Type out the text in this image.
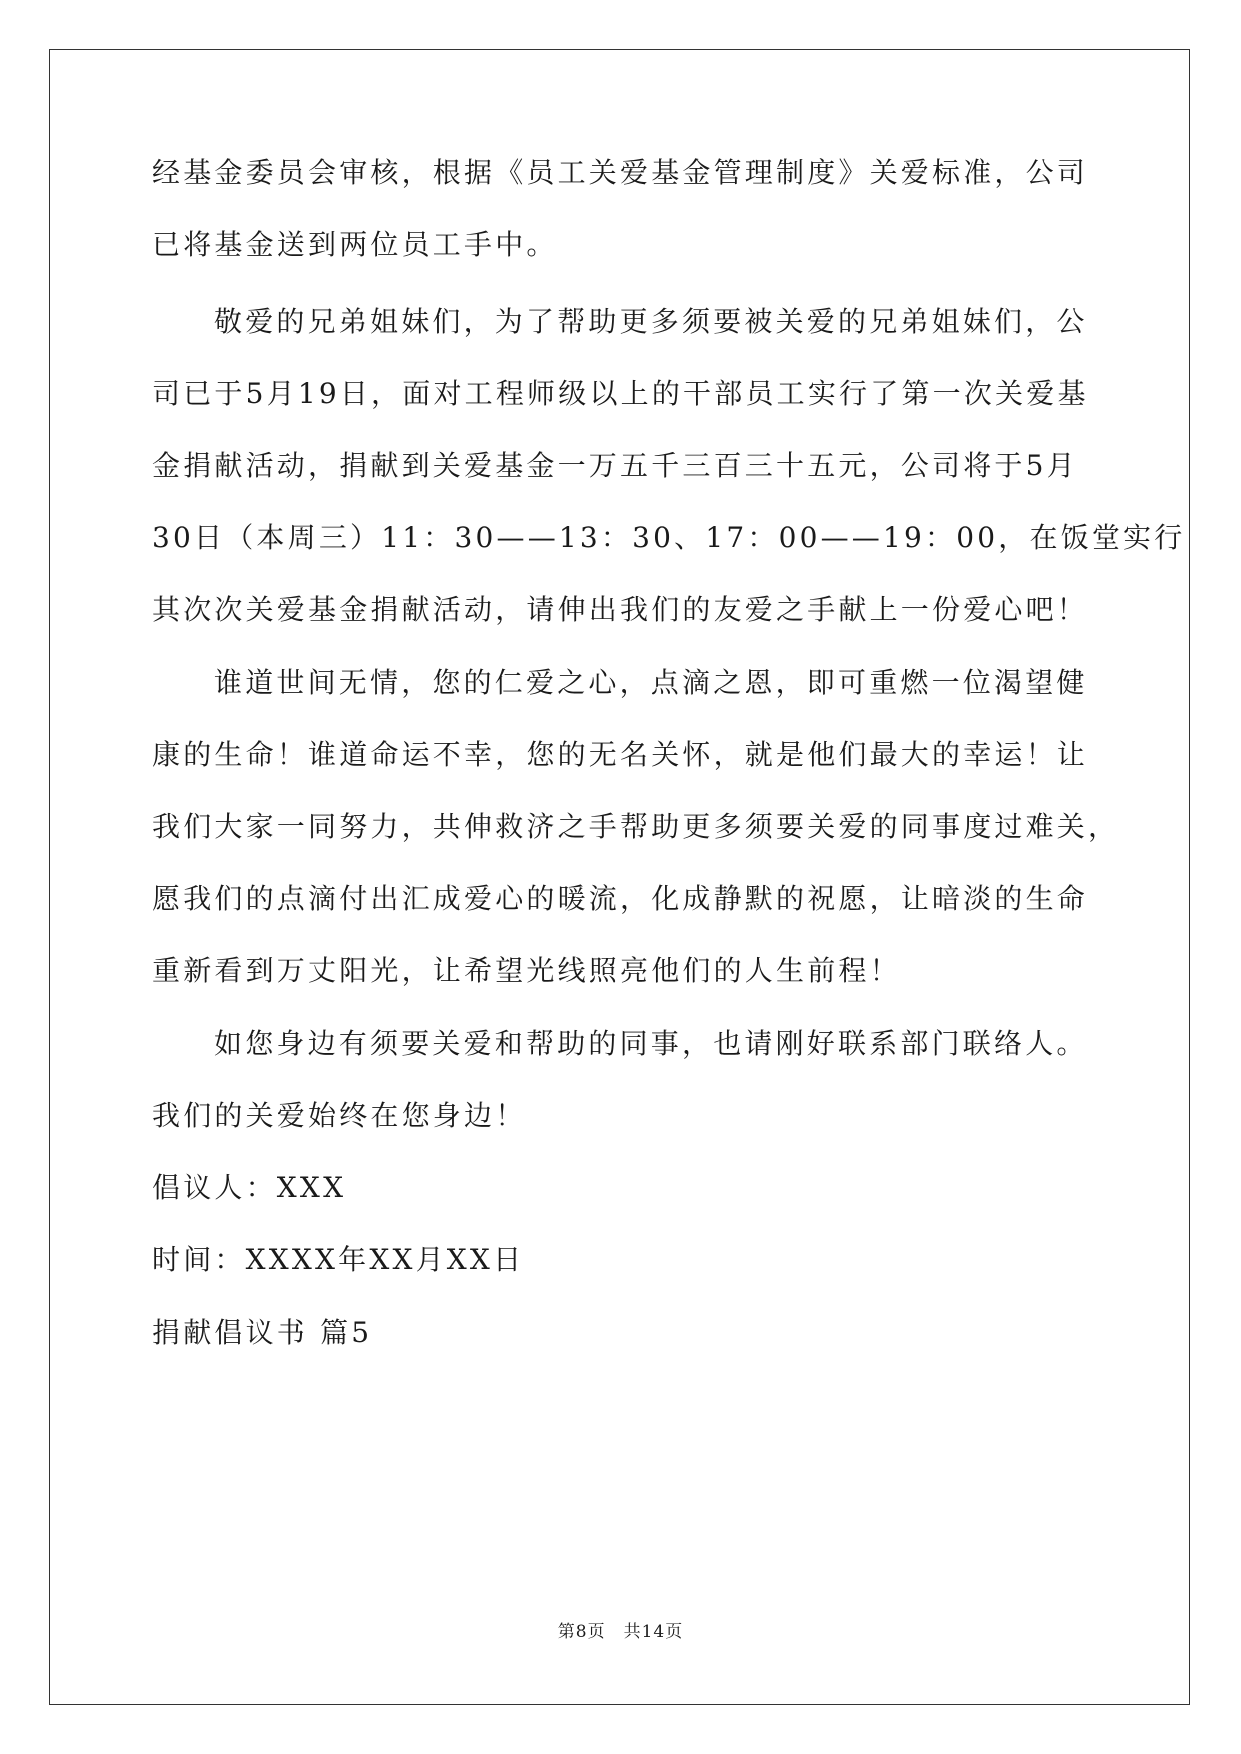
经基金委员会审核，根据《员工关爱基金管理制度》关爱标准，公司
已将基金送到两位员工手中。
敬爱的兄弟姐妹们，为了帮助更多须要被关爱的兄弟姐妹们，公
司已于5月19日，面对工程师级以上的干部员工实行了第一次关爱基
金捐献活动，捐献到关爱基金一万五千三百三十五元，公司将于5月
30日（本周三）11：30——13：30、17：00——19：00，在饭堂实行
其次次关爱基金捐献活动，请伸出我们的友爱之手献上一份爱心吧！
谁道世间无情，您的仁爱之心，点滴之恩，即可重燃一位渴望健
康的生命！谁道命运不幸，您的无名关怀，就是他们最大的幸运！让
我们大家一同努力，共伸救济之手帮助更多须要关爱的同事度过难关，
愿我们的点滴付出汇成爱心的暖流，化成静默的祝愿，让暗淡的生命
重新看到万丈阳光，让希望光线照亮他们的人生前程！
如您身边有须要关爱和帮助的同事，也请刚好联系部门联络人。
我们的关爱始终在您身边！
倡议人：XXX
时间：XXXX年XX月XX日
捐献倡议书 篇5
第8页　共14页
